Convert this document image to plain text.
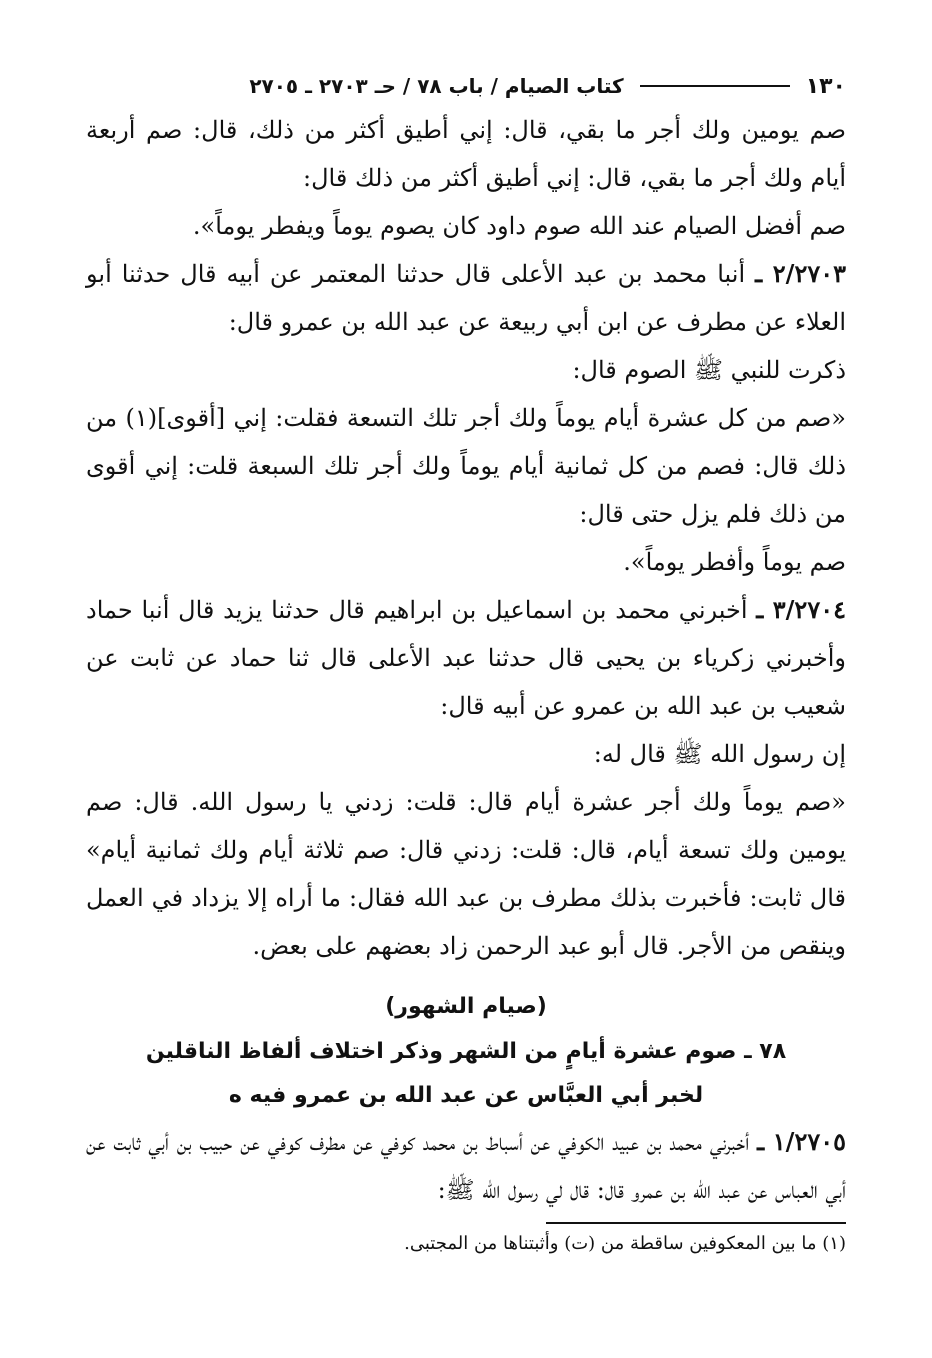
١٣٠
كتاب الصيام / باب ٧٨ / حـ ٢٧٠٣ ـ ٢٧٠٥

صم يومين ولك أجر ما بقي، قال: إني أطيق أكثر من ذلك، قال: صم أربعة أيام ولك أجر ما بقي، قال: إني أطيق أكثر من ذلك قال:

صم أفضل الصيام عند الله صوم داود كان يصوم يوماً ويفطر يوماً».

٢/٢٧٠٣ ـ أنبا محمد بن عبد الأعلى قال حدثنا المعتمر عن أبيه قال حدثنا أبو العلاء عن مطرف عن ابن أبي ربيعة عن عبد الله بن عمرو قال:

ذكرت للنبي ﷺ الصوم قال:

«صم من كل عشرة أيام يوماً ولك أجر تلك التسعة فقلت: إني [أقوى](١) من ذلك قال: فصم من كل ثمانية أيام يوماً ولك أجر تلك السبعة قلت: إني أقوى من ذلك فلم يزل حتى قال:

صم يوماً وأفطر يوماً».

٣/٢٧٠٤ ـ أخبرني محمد بن اسماعيل بن ابراهيم قال حدثنا يزيد قال أنبا حماد وأخبرني زكرياء بن يحيى قال حدثنا عبد الأعلى قال ثنا حماد عن ثابت عن شعيب بن عبد الله بن عمرو عن أبيه قال:

إن رسول الله ﷺ قال له:

«صم يوماً ولك أجر عشرة أيام قال: قلت: زدني يا رسول الله. قال: صم يومين ولك تسعة أيام، قال: قلت: زدني قال: صم ثلاثة أيام ولك ثمانية أيام» قال ثابت: فأخبرت بذلك مطرف بن عبد الله فقال: ما أراه إلا يزداد في العمل وينقص من الأجر. قال أبو عبد الرحمن زاد بعضهم على بعض.

(صيام الشهور)
٧٨ ـ صوم عشرة أيامٍ من الشهر وذكر اختلاف ألفاظ الناقلين
لخبر أبي العبَّاس عن عبد الله بن عمرو فيه ه

١/٢٧٠٥ ـ أخبرني محمد بن عبيد الكوفي عن أسباط بن محمد كوفي عن مطرف كوفي عن حبيب بن أبي ثابت عن أبي العباس عن عبد الله بن عمرو قال: قال لي رسول الله ﷺ:

(١) ما بين المعكوفين ساقطة من (ت) وأثبتناها من المجتبى.
